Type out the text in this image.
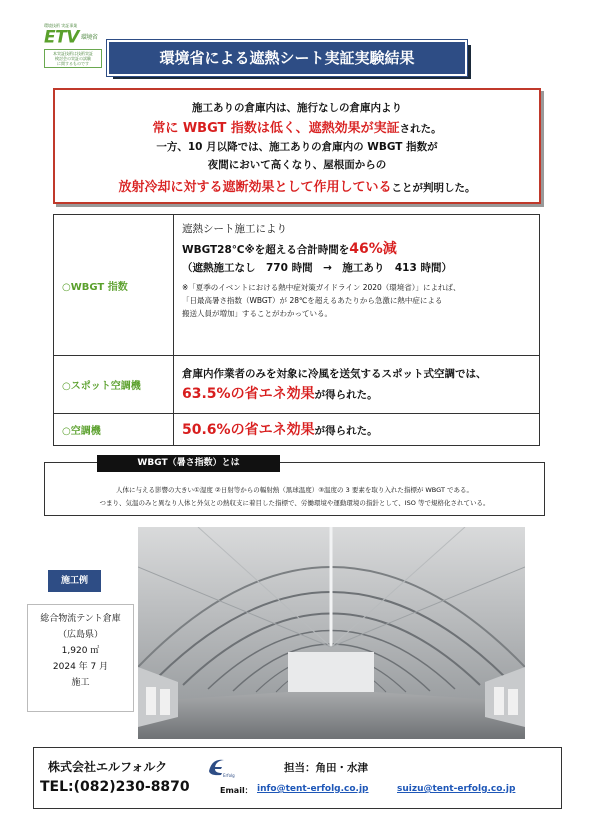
環境技術 実証事業
ETV 環境省
本実証技術は技術実証
検討会の実証の試験
に関するものです	環境省による遮熱シート実証実験結果
施工ありの倉庫内は、施行なしの倉庫内より
常に WBGT 指数は低く、遮熱効果が実証された。
一方、10 月以降では、施工ありの倉庫内の WBGT 指数が
夜間において高くなり、屋根面からの
放射冷却に対する遮断効果として作用していることが判明した。
○WBGT 指数
遮熱シート施工により
WBGT28℃※を超える合計時間を46%減
（遮熱施工なし　770 時間　→　施工あり　413 時間）
※「夏季のイベントにおける熱中症対策ガイドライン 2020（環境省）」によれば、
「日最高暑さ指数（WBGT）が 28℃を超えるあたりから急激に熱中症による
搬送人員が増加」することがわかっている。
○スポット空調機
倉庫内作業者のみを対象に冷風を送気するスポット式空調では、
63.5%の省エネ効果が得られた。
○空調機	50.6%の省エネ効果が得られた。
人体に与える影響の大きい①湿度 ②日射等からの輻射熱（黒球温度）③温度の 3 要素を取り入れた指標が WBGT である。
つまり、気温のみと異なり人体と外気との熱収支に着目した指標で、労働環境や運動環境の指針として、ISO 等で規格化されている。
WBGT（暑さ指数）とは
施工例
総合物流テント倉庫
（広島県）
1,920 ㎡
2024 年 7 月
施工
株式会社エルフォルク
TEL:(082)230-8870
Erfolg
担当：角田・水津
Email： info@tent-erfolg.co.jp	suizu@tent-erfolg.co.jp
